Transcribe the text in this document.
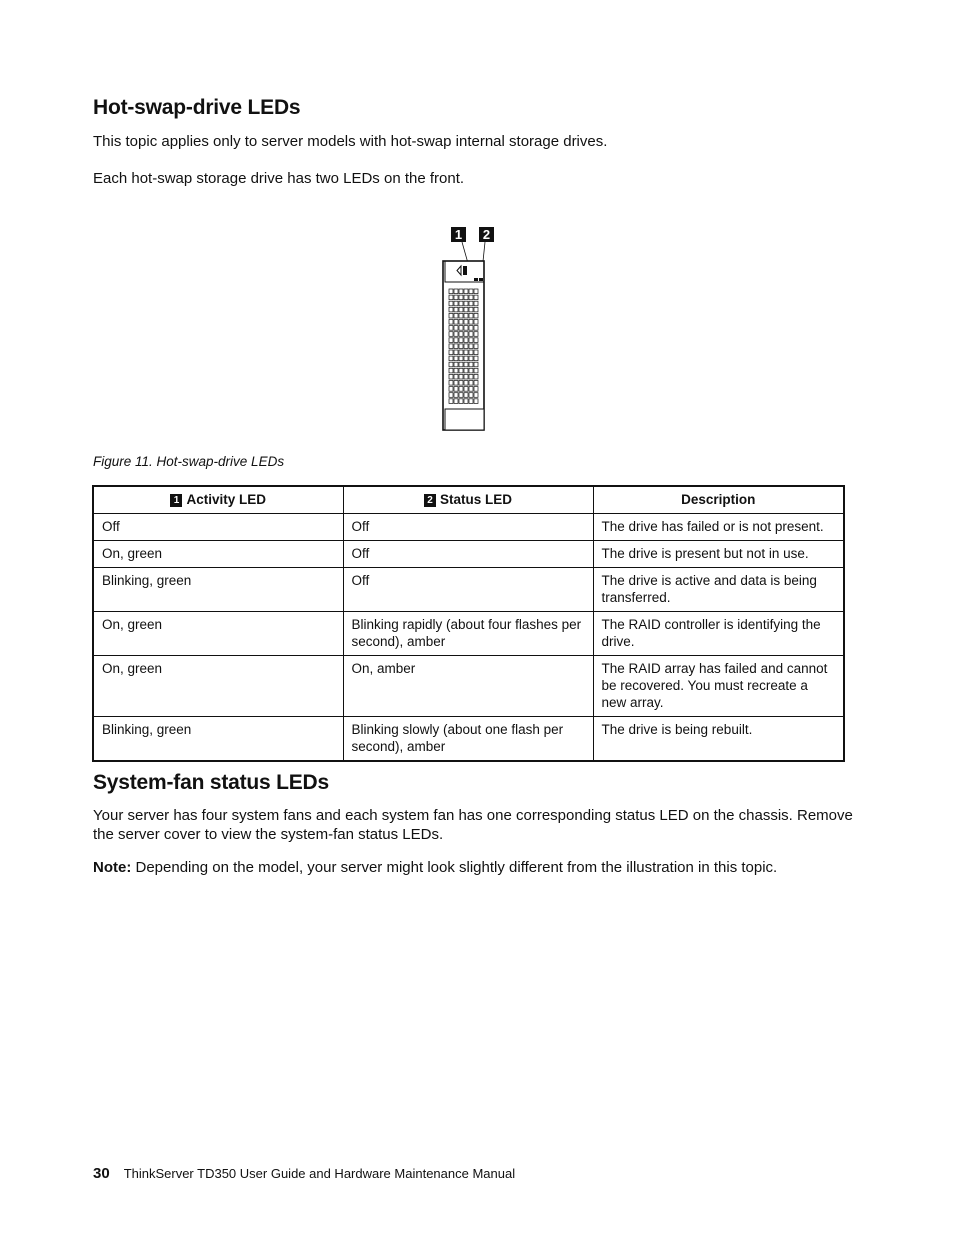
Hot-swap-drive LEDs

This topic applies only to server models with hot-swap internal storage drives.

Each hot-swap storage drive has two LEDs on the front.

1 2
Figure 11. Hot-swap-drive LEDs
1 Activity LED	2 Status LED	Description
Off	Off	The drive has failed or is not present.
On, green	Off	The drive is present but not in use.
Blinking, green	Off	The drive is active and data is being transferred.
On, green	Blinking rapidly (about four flashes per second), amber	The RAID controller is identifying the drive.
On, green	On, amber	The RAID array has failed and cannot be recovered. You must recreate a new array.
Blinking, green	Blinking slowly (about one flash per second), amber	The drive is being rebuilt.
System-fan status LEDs

Your server has four system fans and each system fan has one corresponding status LED on the chassis. Remove the server cover to view the system-fan status LEDs.

Note: Depending on the model, your server might look slightly different from the illustration in this topic.

30 ThinkServer TD350 User Guide and Hardware Maintenance Manual
